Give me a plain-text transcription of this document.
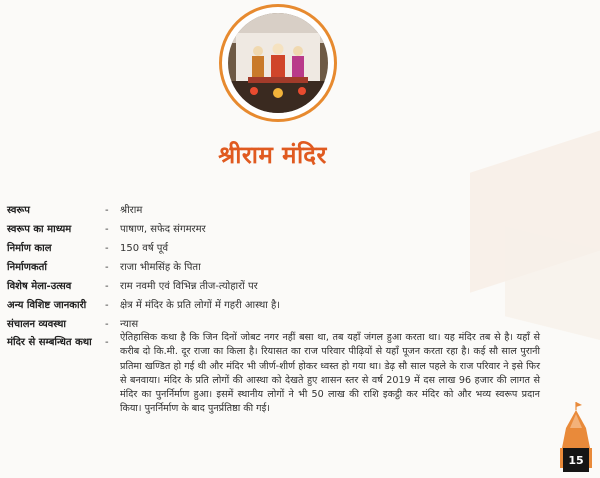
श्रीराम मंदिर
स्वरूप	- श्रीराम
स्वरूप का माध्यम	- पाषाण, सफेद संगमरमर
निर्माण काल	- 150 वर्ष पूर्व
निर्माणकर्ता	- राजा भीमसिंह के पिता
विशेष मेला-उत्सव	- राम नवमी एवं विभिन्न तीज-त्योहारों पर
अन्य विशिष्ट जानकारी	- क्षेत्र में मंदिर के प्रति लोगों में गहरी आस्था है।
संचालन व्यवस्था	- न्यास
मंदिर से सम्बन्धित कथा	- ऐतिहासिक कथा है कि जिन दिनों जोबट नगर नहीं बसा था, तब यहाँ जंगल हुआ करता था। यह मंदिर तब से है। यहाँ से करीब दो कि.मी. दूर राजा का किला है। रियासत का राज परिवार पीढ़ियों से यहाँ पूजन करता रहा है। कई सौ साल पुरानी प्रतिमा खण्डित हो गई थी और मंदिर भी जीर्ण-शीर्ण होकर ध्वस्त हो गया था। डेढ़ सौ साल पहले के राज परिवार ने इसे फिर से बनवाया। मंदिर के प्रति लोगों की आस्था को देखते हुए शासन स्तर से वर्ष 2019 में दस लाख 96 हजार की लागत से मंदिर का पुनर्निर्माण हुआ। इसमें स्थानीय लोगों ने भी 50 लाख की राशि इकट्ठी कर मंदिर को और भव्य स्वरूप प्रदान किया। पुनर्निर्माण के बाद पुनर्प्रतिष्ठा की गई।
15
